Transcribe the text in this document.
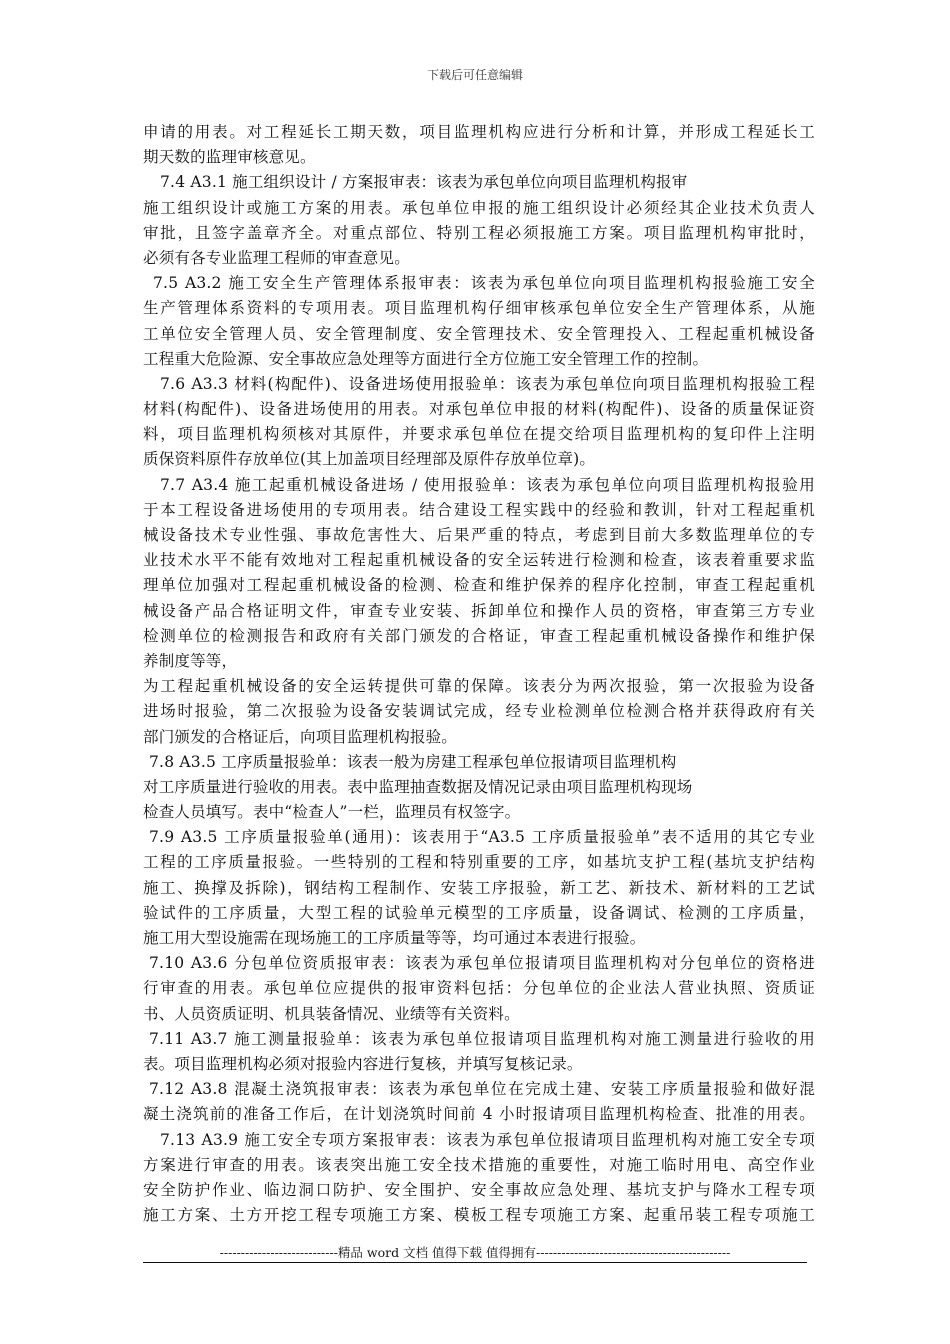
下载后可任意编辑
申请的用表。对工程延长工期天数，项目监理机构应进行分析和计算，并形成工程延长工
期天数的监理审核意见。
7.4 A3.1 施工组织设计 / 方案报审表：该表为承包单位向项目监理机构报审
施工组织设计或施工方案的用表。承包单位申报的施工组织设计必须经其企业技术负责人
审批，且签字盖章齐全。对重点部位、特别工程必须报施工方案。项目监理机构审批时，
必须有各专业监理工程师的审查意见。
7.5 A3.2 施工安全生产管理体系报审表：该表为承包单位向项目监理机构报验施工安全
生产管理体系资料的专项用表。项目监理机构仔细审核承包单位安全生产管理体系，从施
工单位安全管理人员、安全管理制度、安全管理技术、安全管理投入、工程起重机械设备
工程重大危险源、安全事故应急处理等方面进行全方位施工安全管理工作的控制。
7.6 A3.3 材料(构配件)、设备进场使用报验单：该表为承包单位向项目监理机构报验工程
材料(构配件)、设备进场使用的用表。对承包单位申报的材料(构配件)、设备的质量保证资
料，项目监理机构须核对其原件，并要求承包单位在提交给项目监理机构的复印件上注明
质保资料原件存放单位(其上加盖项目经理部及原件存放单位章)。
7.7 A3.4 施工起重机械设备进场 / 使用报验单：该表为承包单位向项目监理机构报验用
于本工程设备进场使用的专项用表。结合建设工程实践中的经验和教训，针对工程起重机
械设备技术专业性强、事故危害性大、后果严重的特点，考虑到目前大多数监理单位的专
业技术水平不能有效地对工程起重机械设备的安全运转进行检测和检查，该表着重要求监
理单位加强对工程起重机械设备的检测、检查和维护保养的程序化控制，审查工程起重机
械设备产品合格证明文件，审查专业安装、拆卸单位和操作人员的资格，审查第三方专业
检测单位的检测报告和政府有关部门颁发的合格证，审查工程起重机械设备操作和维护保
养制度等等，
为工程起重机械设备的安全运转提供可靠的保障。该表分为两次报验，第一次报验为设备
进场时报验，第二次报验为设备安装调试完成，经专业检测单位检测合格并获得政府有关
部门颁发的合格证后，向项目监理机构报验。
7.8 A3.5 工序质量报验单：该表一般为房建工程承包单位报请项目监理机构
对工序质量进行验收的用表。表中监理抽查数据及情况记录由项目监理机构现场
检查人员填写。表中“检查人”一栏，监理员有权签字。
7.9 A3.5 工序质量报验单(通用)：该表用于“A3.5 工序质量报验单”表不适用的其它专业
工程的工序质量报验。一些特别的工程和特别重要的工序，如基坑支护工程(基坑支护结构
施工、换撑及拆除)，钢结构工程制作、安装工序报验，新工艺、新技术、新材料的工艺试
验试件的工序质量，大型工程的试验单元模型的工序质量，设备调试、检测的工序质量，
施工用大型设施需在现场施工的工序质量等等，均可通过本表进行报验。
7.10 A3.6 分包单位资质报审表：该表为承包单位报请项目监理机构对分包单位的资格进
行审查的用表。承包单位应提供的报审资料包括：分包单位的企业法人营业执照、资质证
书、人员资质证明、机具装备情况、业绩等有关资料。
7.11 A3.7 施工测量报验单：该表为承包单位报请项目监理机构对施工测量进行验收的用
表。项目监理机构必须对报验内容进行复核，并填写复核记录。
7.12 A3.8 混凝土浇筑报审表：该表为承包单位在完成土建、安装工序质量报验和做好混
凝土浇筑前的准备工作后，在计划浇筑时间前 4 小时报请项目监理机构检查、批准的用表。
7.13 A3.9 施工安全专项方案报审表：该表为承包单位报请项目监理机构对施工安全专项
方案进行审查的用表。该表突出施工安全技术措施的重要性，对施工临时用电、高空作业
安全防护作业、临边洞口防护、安全围护、安全事故应急处理、基坑支护与降水工程专项
施工方案、土方开挖工程专项施工方案、模板工程专项施工方案、起重吊装工程专项施工
----------------------------精品 word 文档 值得下载 值得拥有----------------------------------------------
